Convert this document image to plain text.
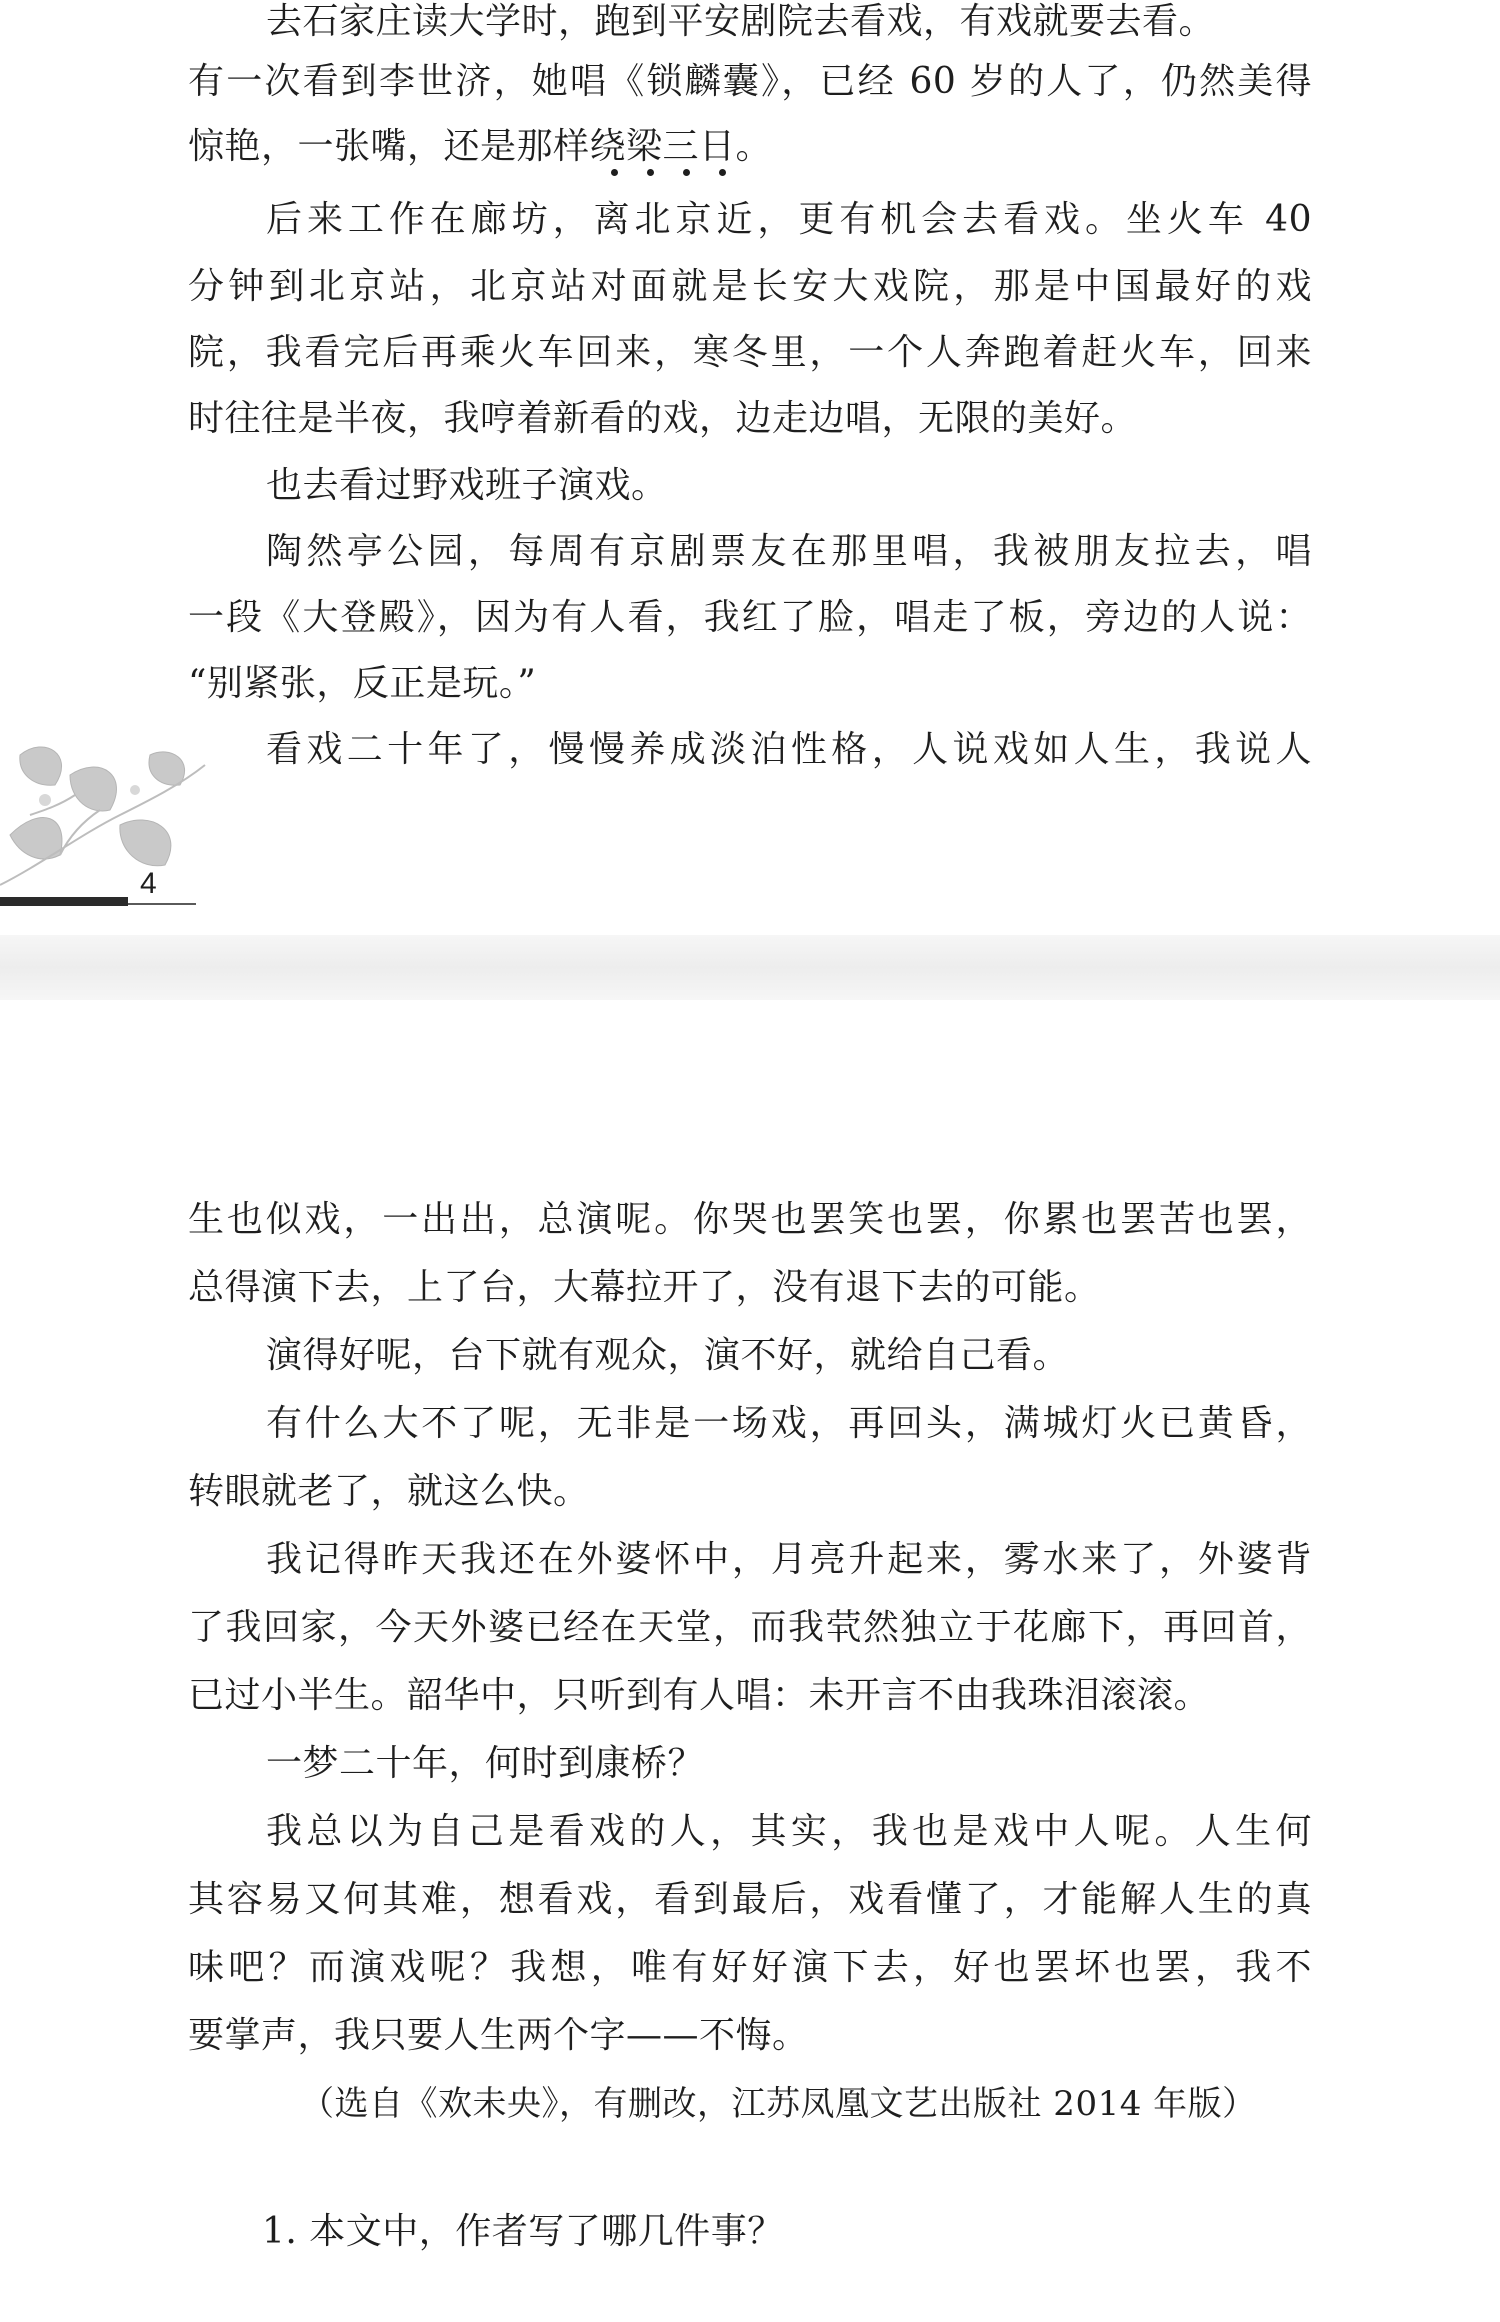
去石家庄读大学时，跑到平安剧院去看戏，有戏就要去看。

有一次看到李世济，她唱《锁麟囊》，已经 60 岁的人了，仍然美得

惊艳，一张嘴，还是那样绕梁三日。

后来工作在廊坊，离北京近，更有机会去看戏。坐火车 40

分钟到北京站，北京站对面就是长安大戏院，那是中国最好的戏

院，我看完后再乘火车回来，寒冬里，一个人奔跑着赶火车，回来

时往往是半夜，我哼着新看的戏，边走边唱，无限的美好。

也去看过野戏班子演戏。

陶然亭公园，每周有京剧票友在那里唱，我被朋友拉去，唱

一段《大登殿》，因为有人看，我红了脸，唱走了板，旁边的人说：

“别紧张，反正是玩。”

看戏二十年了，慢慢养成淡泊性格，人说戏如人生，我说人

4

生也似戏，一出出，总演呢。你哭也罢笑也罢，你累也罢苦也罢，

总得演下去，上了台，大幕拉开了，没有退下去的可能。

演得好呢，台下就有观众，演不好，就给自己看。

有什么大不了呢，无非是一场戏，再回头，满城灯火已黄昏，

转眼就老了，就这么快。

我记得昨天我还在外婆怀中，月亮升起来，雾水来了，外婆背

了我回家，今天外婆已经在天堂，而我茕然独立于花廊下，再回首，

已过小半生。韶华中，只听到有人唱：未开言不由我珠泪滚滚。

一梦二十年，何时到康桥？

我总以为自己是看戏的人，其实，我也是戏中人呢。人生何

其容易又何其难，想看戏，看到最后，戏看懂了，才能解人生的真

味吧？而演戏呢？我想，唯有好好演下去，好也罢坏也罢，我不

要掌声，我只要人生两个字——不悔。

（选自《欢未央》，有删改，江苏凤凰文艺出版社 2014 年版）

1. 本文中，作者写了哪几件事？
